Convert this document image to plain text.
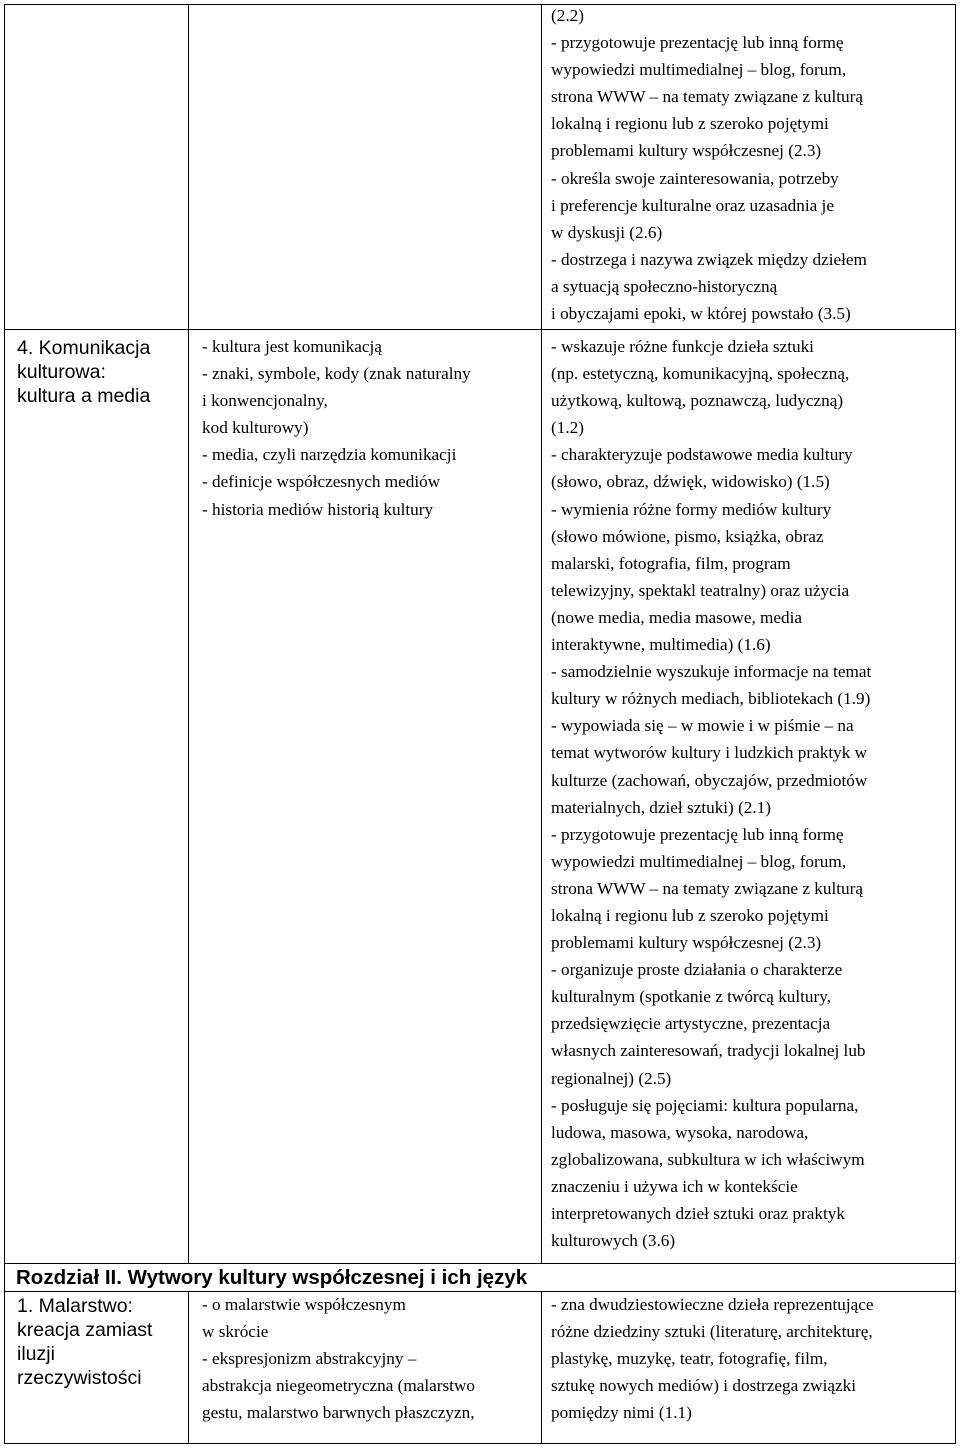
(2.2)
- przygotowuje prezentację lub inną formę
wypowiedzi multimedialnej – blog, forum,
strona WWW – na tematy związane z kulturą
lokalną i regionu lub z szeroko pojętymi
problemami kultury współczesnej (2.3)
- określa swoje zainteresowania, potrzeby
i preferencje kulturalne oraz uzasadnia je
w dyskusji (2.6)
- dostrzega i nazywa związek między dziełem
a sytuacją społeczno-historyczną
i obyczajami epoki, w której powstało (3.5)
4. Komunikacja
kulturowa:
kultura a media
- kultura jest komunikacją
- znaki, symbole, kody (znak naturalny
i konwencjonalny,
kod kulturowy)
- media, czyli narzędzia komunikacji
- definicje współczesnych mediów
- historia mediów historią kultury
- wskazuje różne funkcje dzieła sztuki
(np. estetyczną, komunikacyjną, społeczną,
użytkową, kultową, poznawczą, ludyczną)
(1.2)
- charakteryzuje podstawowe media kultury
(słowo, obraz, dźwięk, widowisko) (1.5)
- wymienia różne formy mediów kultury
(słowo mówione, pismo, książka, obraz
malarski, fotografia, film, program
telewizyjny, spektakl teatralny) oraz użycia
(nowe media, media masowe, media
interaktywne, multimedia) (1.6)
- samodzielnie wyszukuje informacje na temat
kultury w różnych mediach, bibliotekach (1.9)
- wypowiada się – w mowie i w piśmie – na
temat wytworów kultury i ludzkich praktyk w
kulturze (zachowań, obyczajów, przedmiotów
materialnych, dzieł sztuki) (2.1)
- przygotowuje prezentację lub inną formę
wypowiedzi multimedialnej – blog, forum,
strona WWW – na tematy związane z kulturą
lokalną i regionu lub z szeroko pojętymi
problemami kultury współczesnej (2.3)
- organizuje proste działania o charakterze
kulturalnym (spotkanie z twórcą kultury,
przedsięwzięcie artystyczne, prezentacja
własnych zainteresowań, tradycji lokalnej lub
regionalnej) (2.5)
- posługuje się pojęciami: kultura popularna,
ludowa, masowa, wysoka, narodowa,
zglobalizowana, subkultura w ich właściwym
znaczeniu i używa ich w kontekście
interpretowanych dzieł sztuki oraz praktyk
kulturowych (3.6)
Rozdział II. Wytwory kultury współczesnej i ich język
1. Malarstwo:
kreacja zamiast
iluzji
rzeczywistości
- o malarstwie współczesnym
w skrócie
- ekspresjonizm abstrakcyjny –
abstrakcja niegeometryczna (malarstwo
gestu, malarstwo barwnych płaszczyzn,
- zna dwudziestowieczne dzieła reprezentujące
różne dziedziny sztuki (literaturę, architekturę,
plastykę, muzykę, teatr, fotografię, film,
sztukę nowych mediów) i dostrzega związki
pomiędzy nimi (1.1)
